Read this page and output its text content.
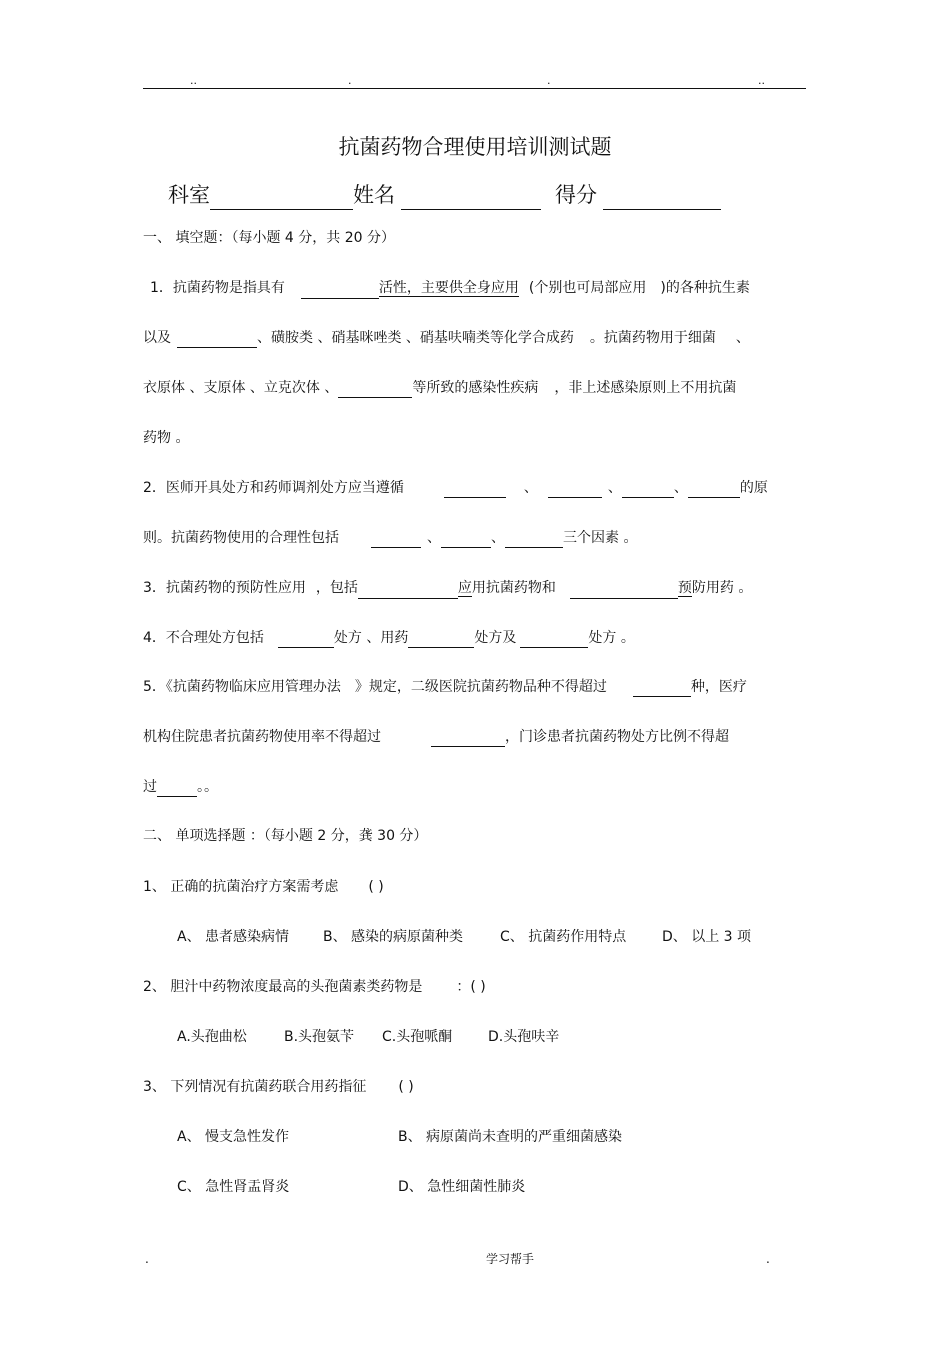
..	.	.	..
抗菌药物合理使用培训测试题
科室	姓名	得分
一、 填空题：（每小题 4 分，共 20 分）
1．抗菌药物是指具有	活性，主要供全身应用 (个别也可局部应用 )的各种抗生素
以及	、磺胺类 、硝基咪唑类 、硝基呋喃类等化学合成药 。抗菌药物用于细菌 、
衣原体 、支原体 、立克次体 、	等所致的感染性疾病 ，非上述感染原则上不用抗菌
药物 。
2．医师开具处方和药师调剂处方应当遵循	、	、	、	的原
则。抗菌药物使用的合理性包括	、	、	三个因素 。
3．抗菌药物的预防性应用 ，包括	应用抗菌药物和	预防用药 。
4．不合理处方包括	处方 、用药	处方及	处方 。
5．《抗菌药物临床应用管理办法 》规定，二级医院抗菌药物品种不得超过	种，医疗
机构住院患者抗菌药物使用率不得超过	，门诊患者抗菌药物处方比例不得超
过	。。
二、 单项选择题 ：（每小题 2 分，龚 30 分）
1、 正确的抗菌治疗方案需考虑 ( )
A、 患者感染病情 B、 感染的病原菌种类	C、 抗菌药作用特点	D、 以上 3 项
2、 胆汁中药物浓度最高的头孢菌素类药物是 ：( )
A.头孢曲松	B.头孢氨苄 C.头孢哌酮	D.头孢呋辛
3、 下列情况有抗菌药联合用药指征 ( )
A、 慢支急性发作	B、 病原菌尚未查明的严重细菌感染
C、 急性肾盂肾炎	D、 急性细菌性肺炎
.	学习帮手	.
